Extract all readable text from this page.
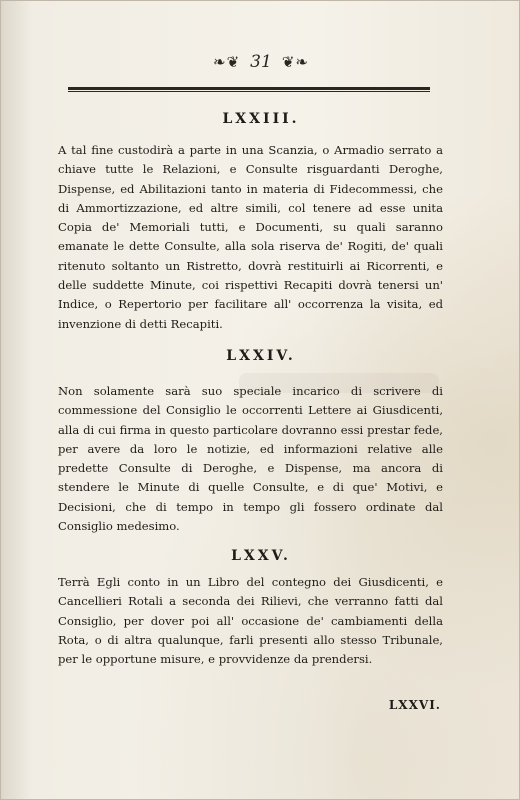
❧❦ 31 ❦❧
LXXIII.

A tal fine custodirà a parte in una Scanzia, o Armadio serrato a chiave tutte le Relazioni, e Consulte risguardanti Deroghe, Dispense, ed Abilitazioni tanto in materia di Fidecommessi, che di Ammortizzazione, ed altre simili, col tenere ad esse unita Copia de' Memoriali tutti, e Documenti, su quali saranno emanate le dette Consulte, alla sola riserva de' Rogiti, de' quali ritenuto soltanto un Ristretto, dovrà restituirli ai Ricorrenti, e delle suddette Minute, coi rispettivi Recapiti dovrà tenersi un' Indice, o Repertorio per facilitare all' occorrenza la visita, ed invenzione di detti Recapiti.

LXXIV.

Non solamente sarà suo speciale incarico di scrivere di commessione del Consiglio le occorrenti Lettere ai Giusdicenti, alla di cui firma in questo particolare dovranno essi prestar fede, per avere da loro le notizie, ed informazioni relative alle predette Consulte di Deroghe, e Dispense, ma ancora di stendere le Minute di quelle Consulte, e di que' Motivi, e Decisioni, che di tempo in tempo gli fossero ordinate dal Consiglio medesimo.

LXXV.

Terrà Egli conto in un Libro del contegno dei Giusdicenti, e Cancellieri Rotali a seconda dei Rilievi, che verranno fatti dal Consiglio, per dover poi all' occasione de' cambiamenti della Rota, o di altra qualunque, farli presenti allo stesso Tribunale, per le opportune misure, e provvidenze da prendersi.

LXXVI.
